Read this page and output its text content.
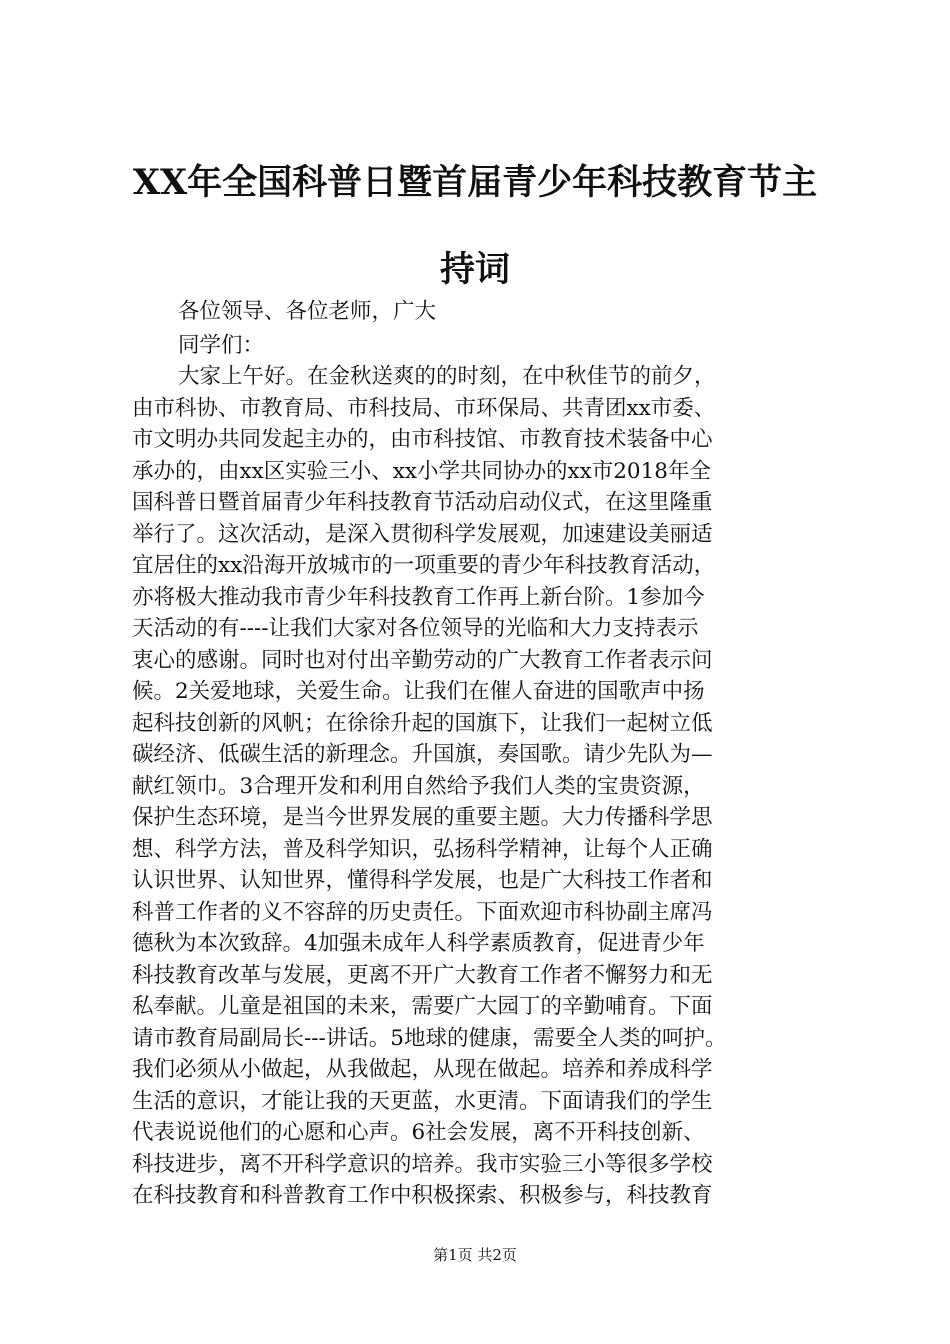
XX年全国科普日暨首届青少年科技教育节主
持词
各位领导、各位老师，广大
同学们：
大家上午好。在金秋送爽的的时刻，在中秋佳节的前夕，
由市科协、市教育局、市科技局、市环保局、共青团xx市委、
市文明办共同发起主办的，由市科技馆、市教育技术装备中心
承办的，由xx区实验三小、xx小学共同协办的xx市2018年全
国科普日暨首届青少年科技教育节活动启动仪式，在这里隆重
举行了。这次活动，是深入贯彻科学发展观，加速建设美丽适
宜居住的xx沿海开放城市的一项重要的青少年科技教育活动，
亦将极大推动我市青少年科技教育工作再上新台阶。1参加今
天活动的有----让我们大家对各位领导的光临和大力支持表示
衷心的感谢。同时也对付出辛勤劳动的广大教育工作者表示问
候。2关爱地球，关爱生命。让我们在催人奋进的国歌声中扬
起科技创新的风帆；在徐徐升起的国旗下，让我们一起树立低
碳经济、低碳生活的新理念。升国旗，奏国歌。请少先队为—
献红领巾。3合理开发和利用自然给予我们人类的宝贵资源，
保护生态环境，是当今世界发展的重要主题。大力传播科学思
想、科学方法，普及科学知识，弘扬科学精神，让每个人正确
认识世界、认知世界，懂得科学发展，也是广大科技工作者和
科普工作者的义不容辞的历史责任。下面欢迎市科协副主席冯
德秋为本次致辞。4加强未成年人科学素质教育，促进青少年
科技教育改革与发展，更离不开广大教育工作者不懈努力和无
私奉献。儿童是祖国的未来，需要广大园丁的辛勤哺育。下面
请市教育局副局长---讲话。5地球的健康，需要全人类的呵护。
我们必须从小做起，从我做起，从现在做起。培养和养成科学
生活的意识，才能让我的天更蓝，水更清。下面请我们的学生
代表说说他们的心愿和心声。6社会发展，离不开科技创新、
科技进步，离不开科学意识的培养。我市实验三小等很多学校
在科技教育和科普教育工作中积极探索、积极参与，科技教育
第1页 共2页
